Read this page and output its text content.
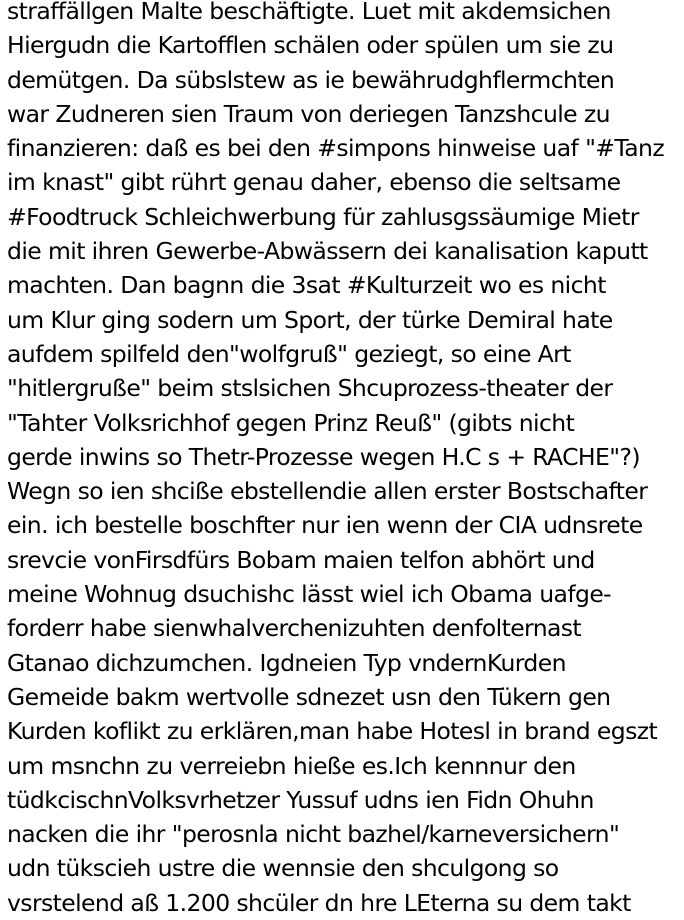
straffällgen Malte beschäftigte. Luet mit akdemsichen
Hiergudn die Kartofflen schälen oder spülen um sie zu
demütgen. Da sübslstew as ie bewährudghflermchten
war Zudneren sien Traum von deriegen Tanzshcule zu
finanzieren: daß es bei den #simpons hinweise uaf "#Tanz
im knast" gibt rührt genau daher, ebenso die seltsame
#Foodtruck Schleichwerbung für zahlusgssäumige Mietr
die mit ihren Gewerbe-Abwässern dei kanalisation kaputt
machten. Dan bagnn die 3sat #Kulturzeit wo es nicht
um Klur ging sodern um Sport, der türke Demiral hate
aufdem spilfeld den"wolfgruß" geziegt, so eine Art
"hitlergruße" beim stslsichen Shcuprozess-theater der
"Tahter Volksrichhof gegen Prinz Reuß" (gibts nicht
gerde inwins so Thetr-Prozesse wegen H.C s + RACHE"?)
Wegn so ien shcißе ebstellendie allen erster Bostschafter
ein. ich bestelle boschfter nur ien wenn der CIA udnsrete
srevcie vonFirsdfürs Bobam maien telfon abhört und
meine Wohnug dsuchishc lässt wiel ich Obama uafge-
forderr habe sienwhalverchenizuhten denfolternast
Gtanao dichzumchen. Igdneien Typ vndernKurden
Gemeide bakm wertvolle sdnezet usn den Tükern gen
Kurden koflikt zu erklären,man habe Hotesl in brand egszt
um msnchn zu verreiebn hieße es.Ich kennnur den
tüdkcischnVolksvrhetzer Yussuf udns ien Fidn Ohuhn
nacken die ihr "perosnla nicht bazhel/karneversichern"
udn tükscieh ustre die wennsie den shculgong so
vsrstelend aß 1.200 shcüler dn hre LEterna su dem takt
